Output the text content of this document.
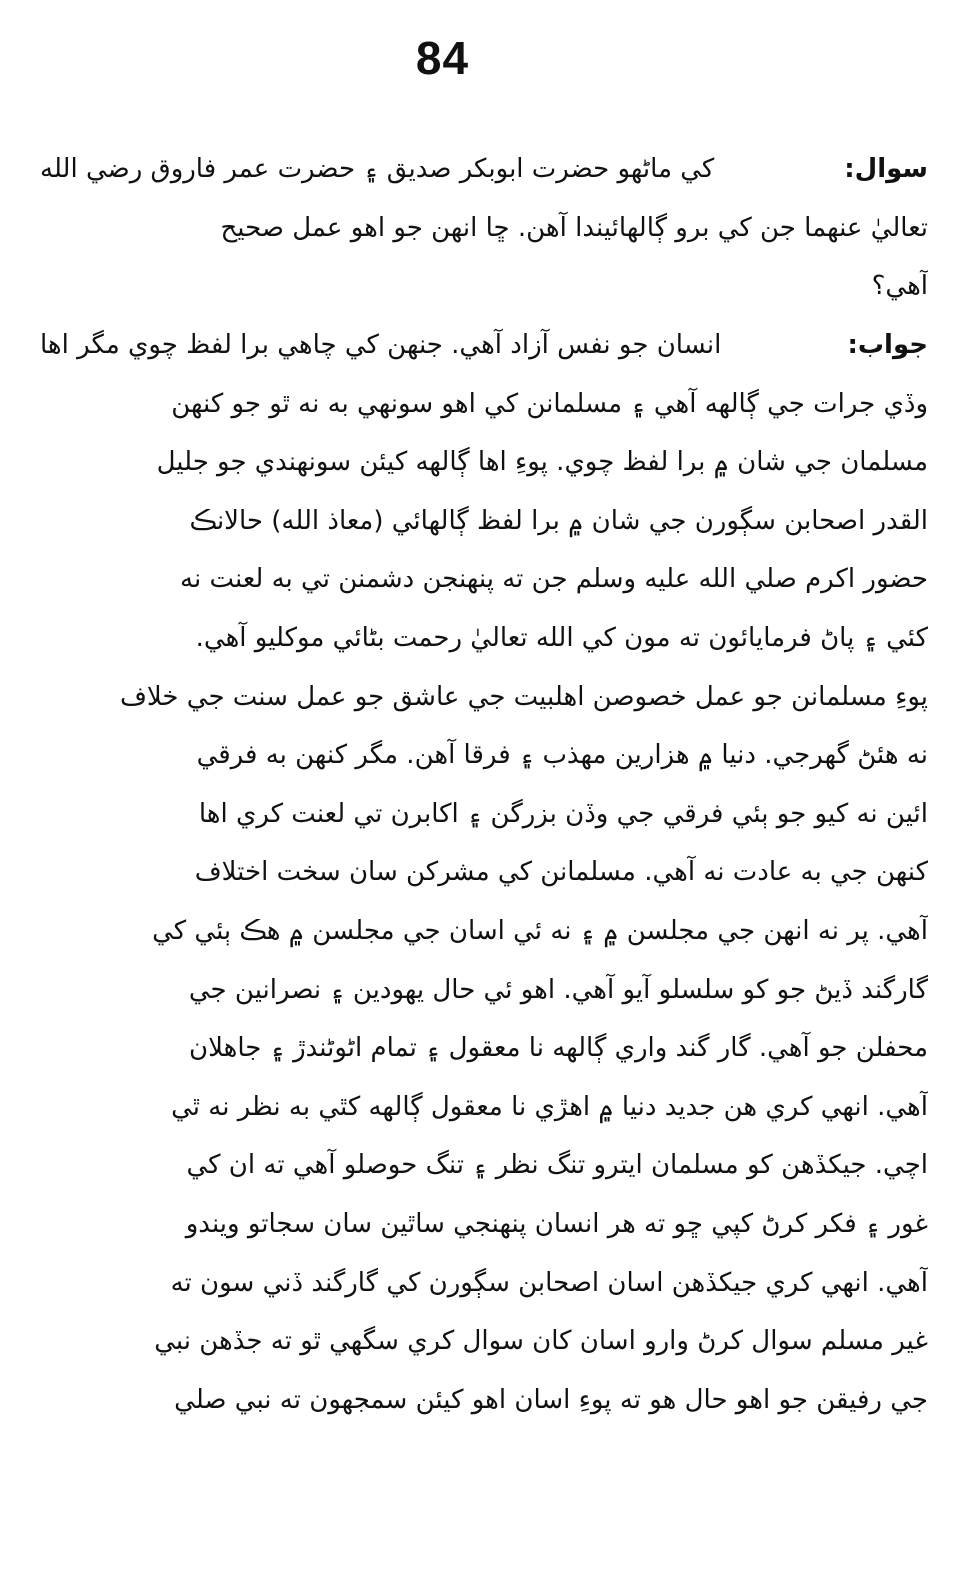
84
سوال:
كي ماڻهو حضرت ابوبكر صديق ۽ حضرت عمر فاروق رضي الله
تعاليٰ عنهما جن كي برو ڳالهائيندا آهن. ڇا انهن جو اهو عمل صحيح
آهي؟
جواب:
انسان جو نفس آزاد آهي. جنهن كي چاهي برا لفظ چوي مگر اها
وڏي جرات جي ڳالهه آهي ۽ مسلمانن كي اهو سونهي به نه ٿو جو كنهن
مسلمان جي شان ۾ برا لفظ چوي. پوءِ اها ڳالهه كيئن سونهندي جو جليل
القدر اصحابن سڳورن جي شان ۾ برا لفظ ڳالهائي (معاذ الله) حالانڪ
حضور اكرم صلي الله عليه وسلم جن ته پنهنجن دشمنن تي به لعنت نه
كئي ۽ پاڻ فرمايائون ته مون كي الله تعاليٰ رحمت بڻائي موكليو آهي.
پوءِ مسلمانن جو عمل خصوصن اهلبيت جي عاشق جو عمل سنت جي خلاف
نه هئڻ گهرجي. دنيا ۾ هزارين مهذب ۽ فرقا آهن. مگر كنهن به فرقي
ائين نه كيو جو ٻئي فرقي جي وڏن بزرگن ۽ اكابرن تي لعنت كري اها
كنهن جي به عادت نه آهي. مسلمانن كي مشركن سان سخت اختلاف
آهي. پر نه انهن جي مجلسن ۾ ۽ نه ئي اسان جي مجلسن ۾ هڪ ٻئي كي
گارگند ڏيڻ جو كو سلسلو آيو آهي. اهو ئي حال يهودين ۽ نصرانين جي
محفلن جو آهي. گار گند واري ڳالهه نا معقول ۽ تمام اڻوڻندڙ ۽ جاهلان
آهي. انهي كري هن جديد دنيا ۾ اهڙي نا معقول ڳالهه كٿي به نظر نه ٿي
اچي. جيكڏهن كو مسلمان ايترو تنگ نظر ۽ تنگ حوصلو آهي ته ان كي
غور ۽ فكر كرڻ كپي ڇو ته هر انسان پنهنجي ساٿين سان سجاتو ويندو
آهي. انهي كري جيكڏهن اسان اصحابن سڳورن كي گارگند ڏني سون ته
غير مسلم سوال كرڻ وارو اسان كان سوال كري سگهي ٿو ته جڏهن نبي
جي رفيقن جو اهو حال هو ته پوءِ اسان اهو كيئن سمجهون ته نبي صلي
